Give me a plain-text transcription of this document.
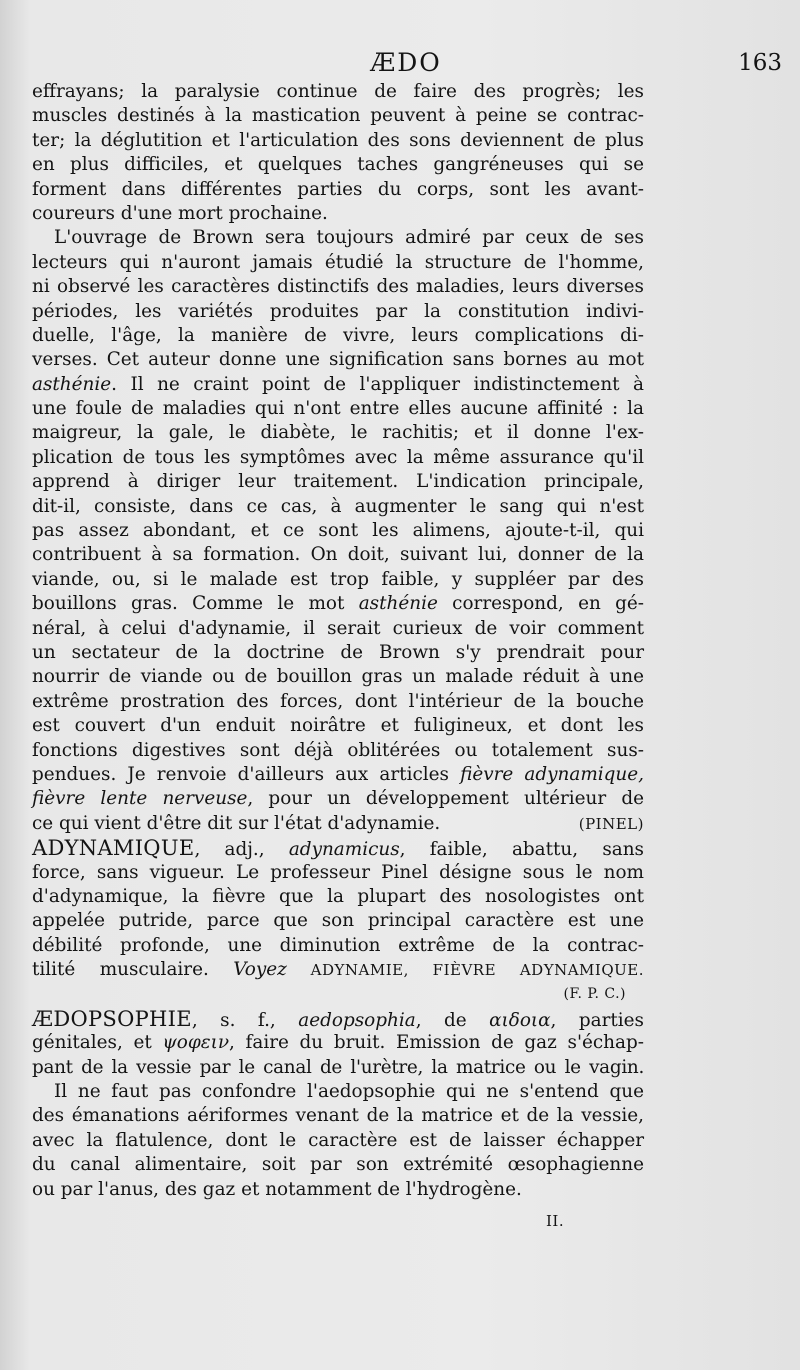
ÆDO	163
effrayans; la paralysie continue de faire des progrès; les
muscles destinés à la mastication peuvent à peine se contrac-
ter; la déglutition et l'articulation des sons deviennent de plus
en plus difficiles, et quelques taches gangréneuses qui se
forment dans différentes parties du corps, sont les avant-
coureurs d'une mort prochaine.
L'ouvrage de Brown sera toujours admiré par ceux de ses
lecteurs qui n'auront jamais étudié la structure de l'homme,
ni observé les caractères distinctifs des maladies, leurs diverses
périodes, les variétés produites par la constitution indivi-
duelle, l'âge, la manière de vivre, leurs complications di-
verses. Cet auteur donne une signification sans bornes au mot
asthénie. Il ne craint point de l'appliquer indistinctement à
une foule de maladies qui n'ont entre elles aucune affinité : la
maigreur, la gale, le diabète, le rachitis; et il donne l'ex-
plication de tous les symptômes avec la même assurance qu'il
apprend à diriger leur traitement. L'indication principale,
dit-il, consiste, dans ce cas, à augmenter le sang qui n'est
pas assez abondant, et ce sont les alimens, ajoute-t-il, qui
contribuent à sa formation. On doit, suivant lui, donner de la
viande, ou, si le malade est trop faible, y suppléer par des
bouillons gras. Comme le mot asthénie correspond, en gé-
néral, à celui d'adynamie, il serait curieux de voir comment
un sectateur de la doctrine de Brown s'y prendrait pour
nourrir de viande ou de bouillon gras un malade réduit à une
extrême prostration des forces, dont l'intérieur de la bouche
est couvert d'un enduit noirâtre et fuligineux, et dont les
fonctions digestives sont déjà oblitérées ou totalement sus-
pendues. Je renvoie d'ailleurs aux articles fièvre adynamique,
fièvre lente nerveuse, pour un développement ultérieur de
ce qui vient d'être dit sur l'état d'adynamie.	(PINEL)
ADYNAMIQUE, adj., adynamicus, faible, abattu, sans
force, sans vigueur. Le professeur Pinel désigne sous le nom
d'adynamique, la fièvre que la plupart des nosologistes ont
appelée putride, parce que son principal caractère est une
débilité profonde, une diminution extrême de la contrac-
tilité musculaire. Voyez ADYNAMIE, FIÈVRE ADYNAMIQUE.
(F. P. C.)
ÆDOPSOPHIE, s. f., aedopsophia, de αιδοια, parties
génitales, et ψοφειν, faire du bruit. Emission de gaz s'échap-
pant de la vessie par le canal de l'urètre, la matrice ou le vagin.
Il ne faut pas confondre l'aedopsophie qui ne s'entend que
des émanations aériformes venant de la matrice et de la vessie,
avec la flatulence, dont le caractère est de laisser échapper
du canal alimentaire, soit par son extrémité œsophagienne
ou par l'anus, des gaz et notamment de l'hydrogène.
II.
